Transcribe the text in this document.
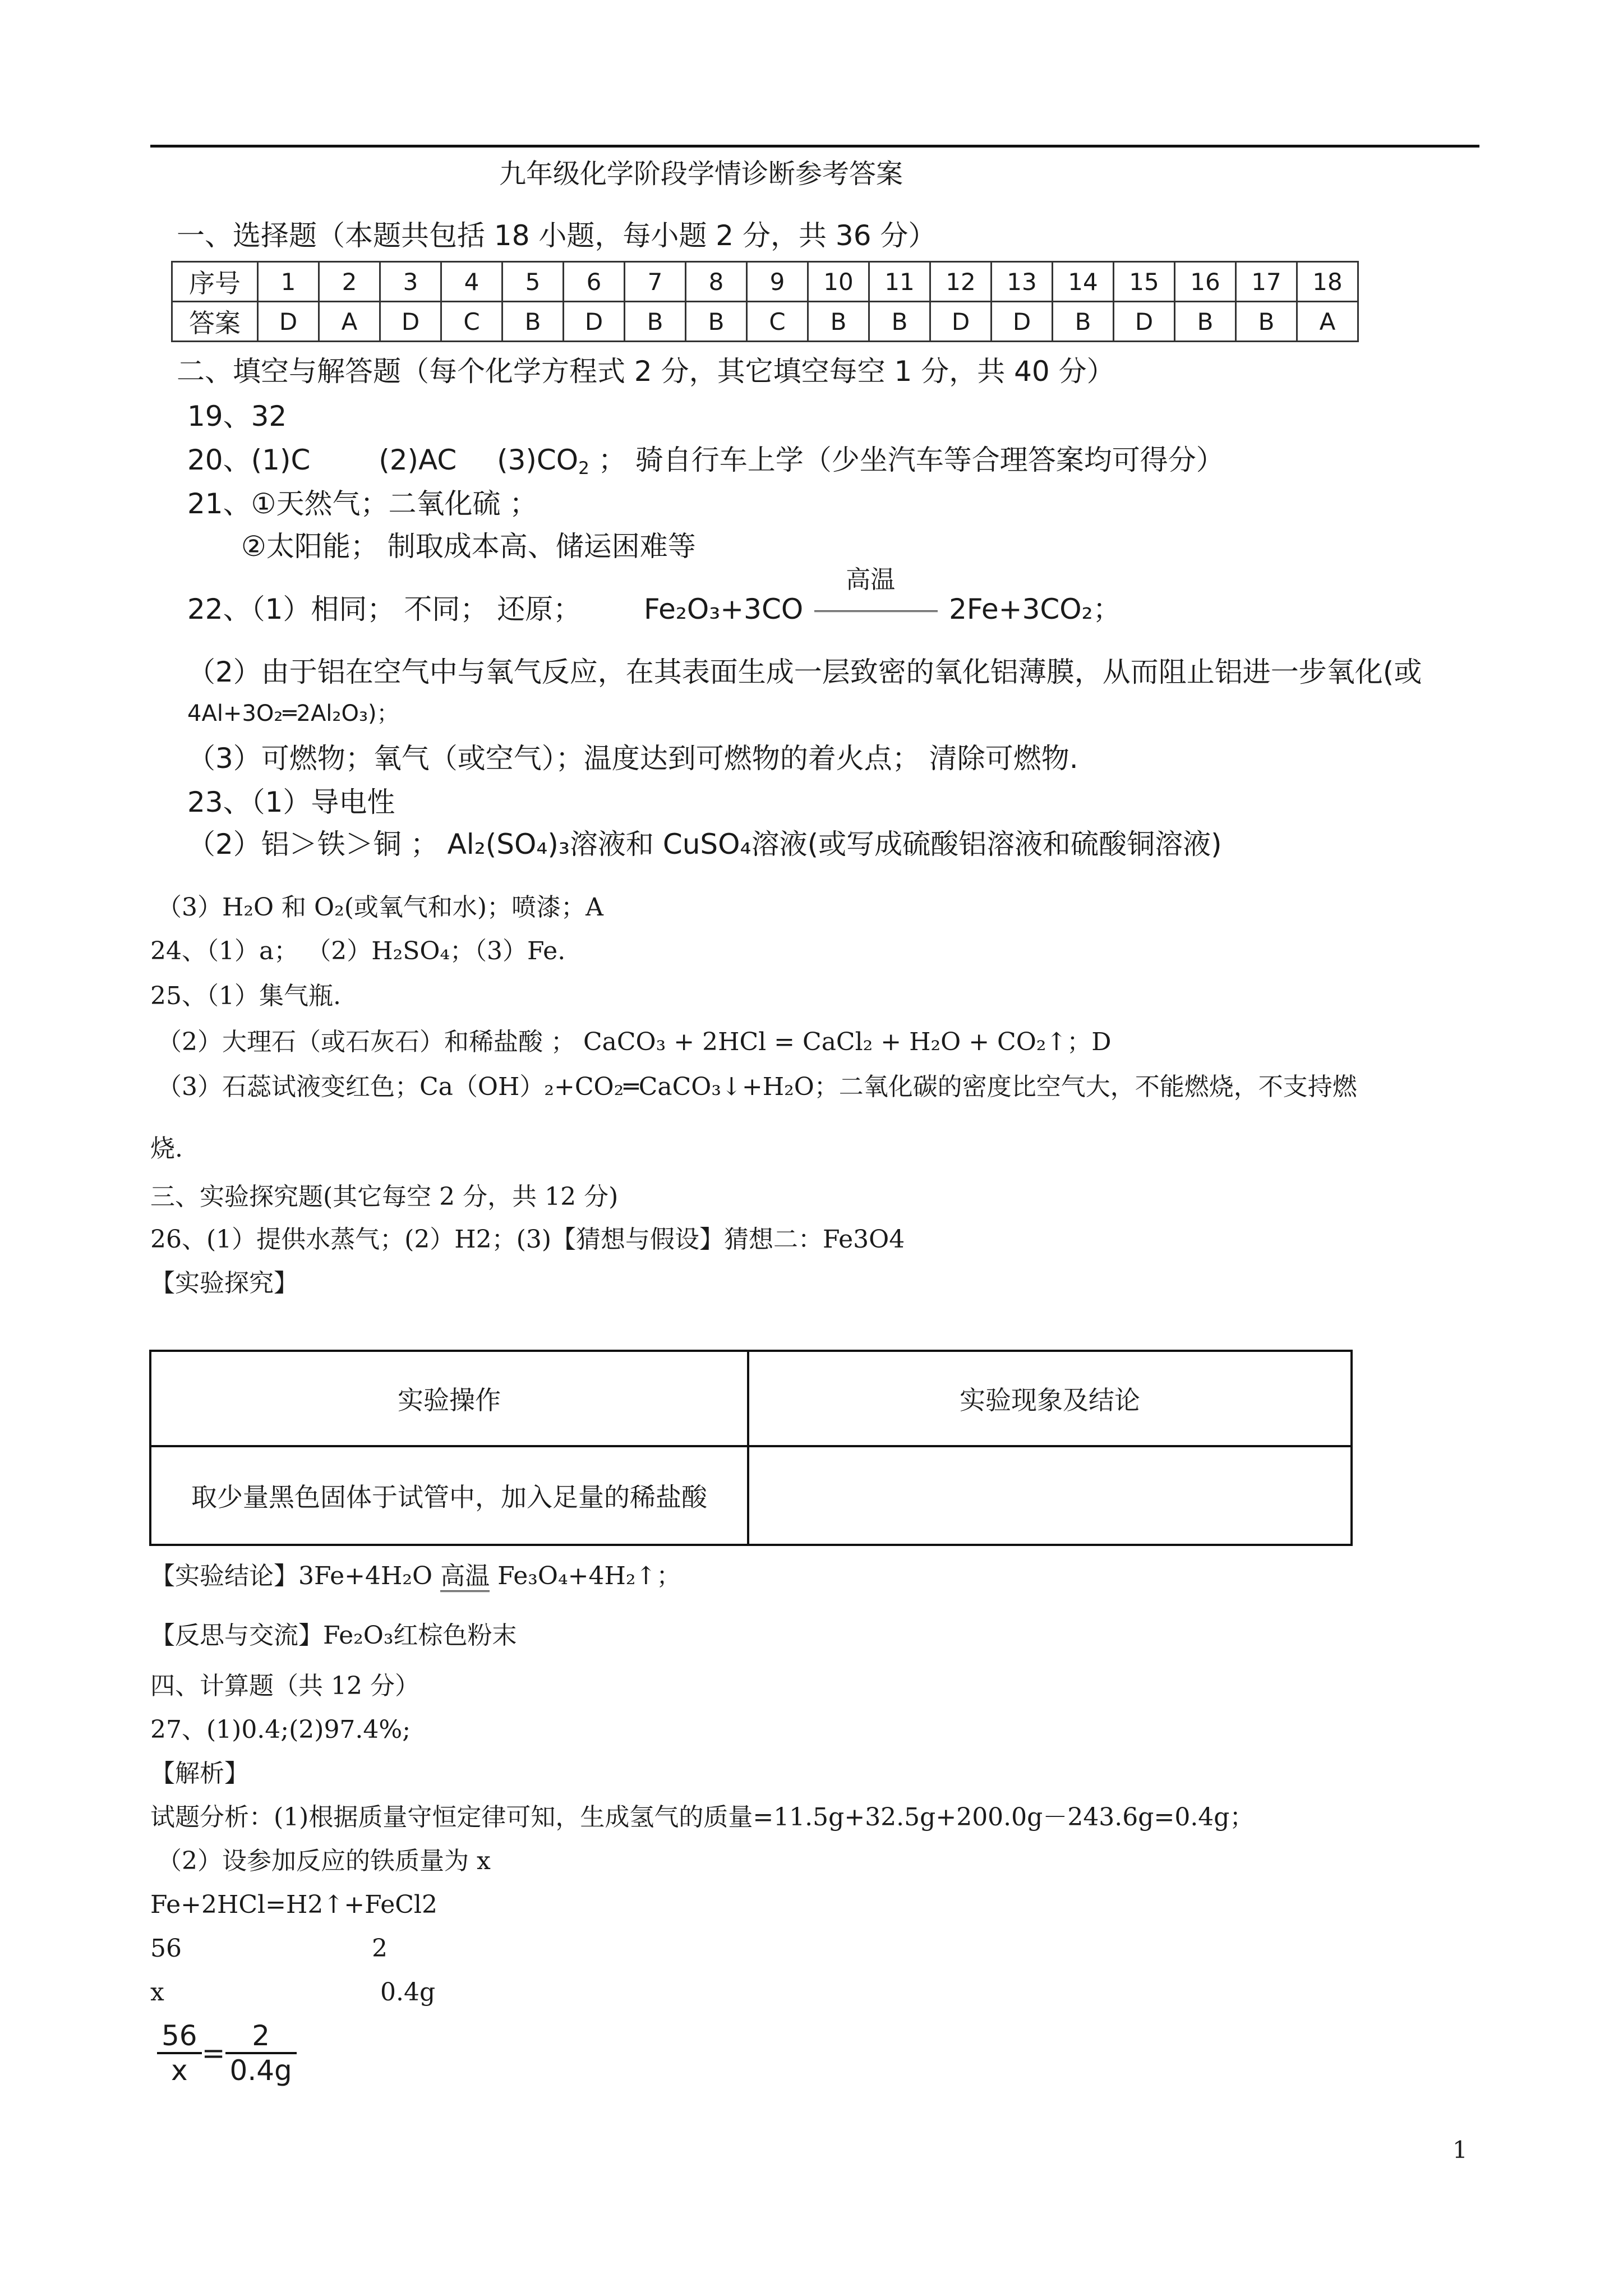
九年级化学阶段学情诊断参考答案
一、选择题（本题共包括 18 小题，每小题 2 分，共 36 分）
序号	1	2	3	4	5	6	7	8	9	10	11	12	13	14	15	16	17	18
答案	D	A	D	C	B	D	B	B	C	B	B	D	D	B	D	B	B	A
二、填空与解答题（每个化学方程式 2 分，其它填空每空 1 分，共 40 分）
19、32
20、(1)C (2)AC $(3)CO_2$ ； 骑自行车上学（少坐汽车等合理答案均可得分）
21、①天然气；二氧化硫 ；
②太阳能； 制取成本高、储运困难等
22、（1）相同； 不同； 还原； Fe₂O₃+3CO
高温
2Fe+3CO₂；
（2）由于铝在空气中与氧气反应，在其表面生成一层致密的氧化铝薄膜，从而阻止铝进一步氧化(或
4Al+3O₂═2Al₂O₃)；
（3）可燃物；氧气（或空气）；温度达到可燃物的着火点； 清除可燃物.
23、（1）导电性
（2）铝＞铁＞铜 ； Al₂(SO₄)₃溶液和 CuSO₄溶液(或写成硫酸铝溶液和硫酸铜溶液)
（3）H₂O 和 O₂(或氧气和水)；喷漆；A
24、（1）a； （2）H₂SO₄；（3）Fe.
25、（1）集气瓶.
（2）大理石（或石灰石）和稀盐酸 ； CaCO₃ + 2HCl = CaCl₂ + H₂O + CO₂↑；D
（3）石蕊试液变红色；Ca（OH）₂+CO₂═CaCO₃↓+H₂O；二氧化碳的密度比空气大，不能燃烧，不支持燃
烧.
三、实验探究题(其它每空 2 分，共 12 分)
26、(1）提供水蒸气；(2）H2；(3)【猜想与假设】猜想二：Fe3O4
【实验探究】
实验操作	实验现象及结论
取少量黑色固体于试管中，加入足量的稀盐酸	
【实验结论】3Fe+4H₂O 高温 Fe₃O₄+4H₂↑；
【反思与交流】Fe₂O₃红棕色粉末
四、计算题（共 12 分）
27、(1)0.4;(2)97.4%;
【解析】
试题分析：(1)根据质量守恒定律可知，生成氢气的质量=11.5g+32.5g+200.0g－243.6g=0.4g；
（2）设参加反应的铁质量为 x
Fe+2HCl=H2↑+FeCl2
56	2
x	0.4g
$\frac{56}{x} = \frac{2}{0.4g}$
1
